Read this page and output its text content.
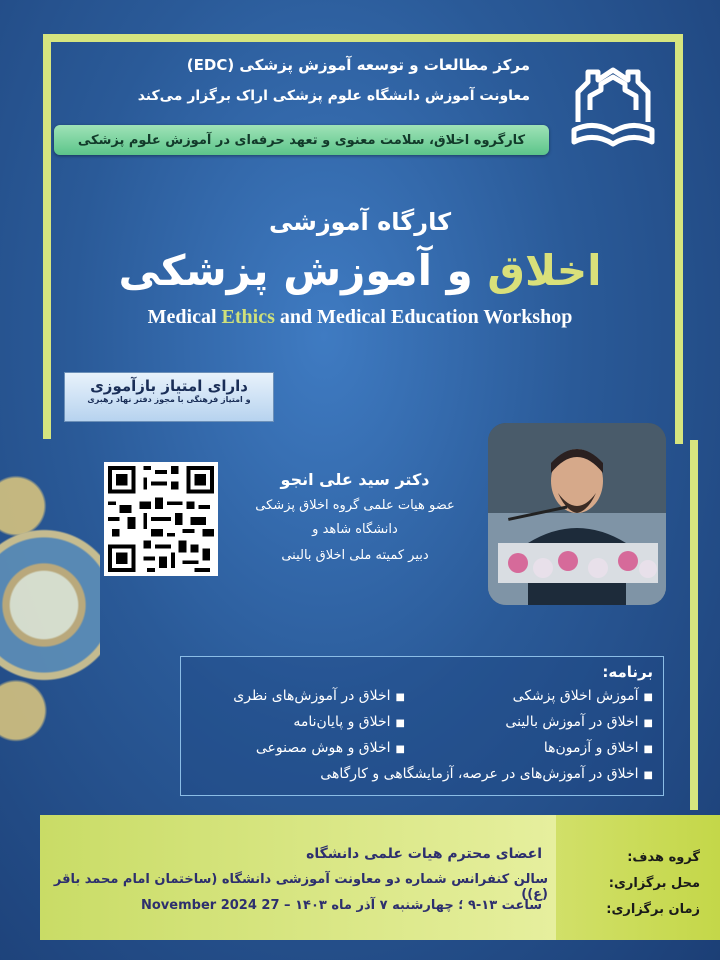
مرکز مطالعات و توسعه آموزش پزشکی (EDC)
معاونت آموزش دانشگاه علوم پزشکی اراک برگزار می‌کند
کارگروه اخلاق، سلامت معنوی و تعهد حرفه‌ای در آموزش علوم پزشکی
کارگاه آموزشی
اخلاق و آموزش پزشکی
Medical Ethics and Medical Education Workshop
دارای امتیاز بازآموزی
و امتیاز فرهنگی با مجوز دفتر نهاد رهبری
دکتر سید علی انجو
عضو هیات علمی گروه اخلاق پزشکی
دانشگاه شاهد و
دبیر کمیته ملی اخلاق بالینی
برنامه:
■ آموزش اخلاق پزشکی
■ اخلاق در آموزش‌های نظری
■ اخلاق در آموزش بالینی
■ اخلاق و پایان‌نامه
■ اخلاق و آزمون‌ها
■ اخلاق و هوش مصنوعی
■ اخلاق در آموزش‌های در عرصه، آزمایشگاهی و کارگاهی
گروه هدف:
محل برگزاری:
زمان برگزاری:
اعضای محترم هیات علمی دانشگاه
سالن کنفرانس شماره دو معاونت آموزشی دانشگاه (ساختمان امام محمد باقر (ع))
ساعت ۱۳-۹ ؛ چهارشنبه ۷ آذر ماه ۱۴۰۳ – 27 November 2024
